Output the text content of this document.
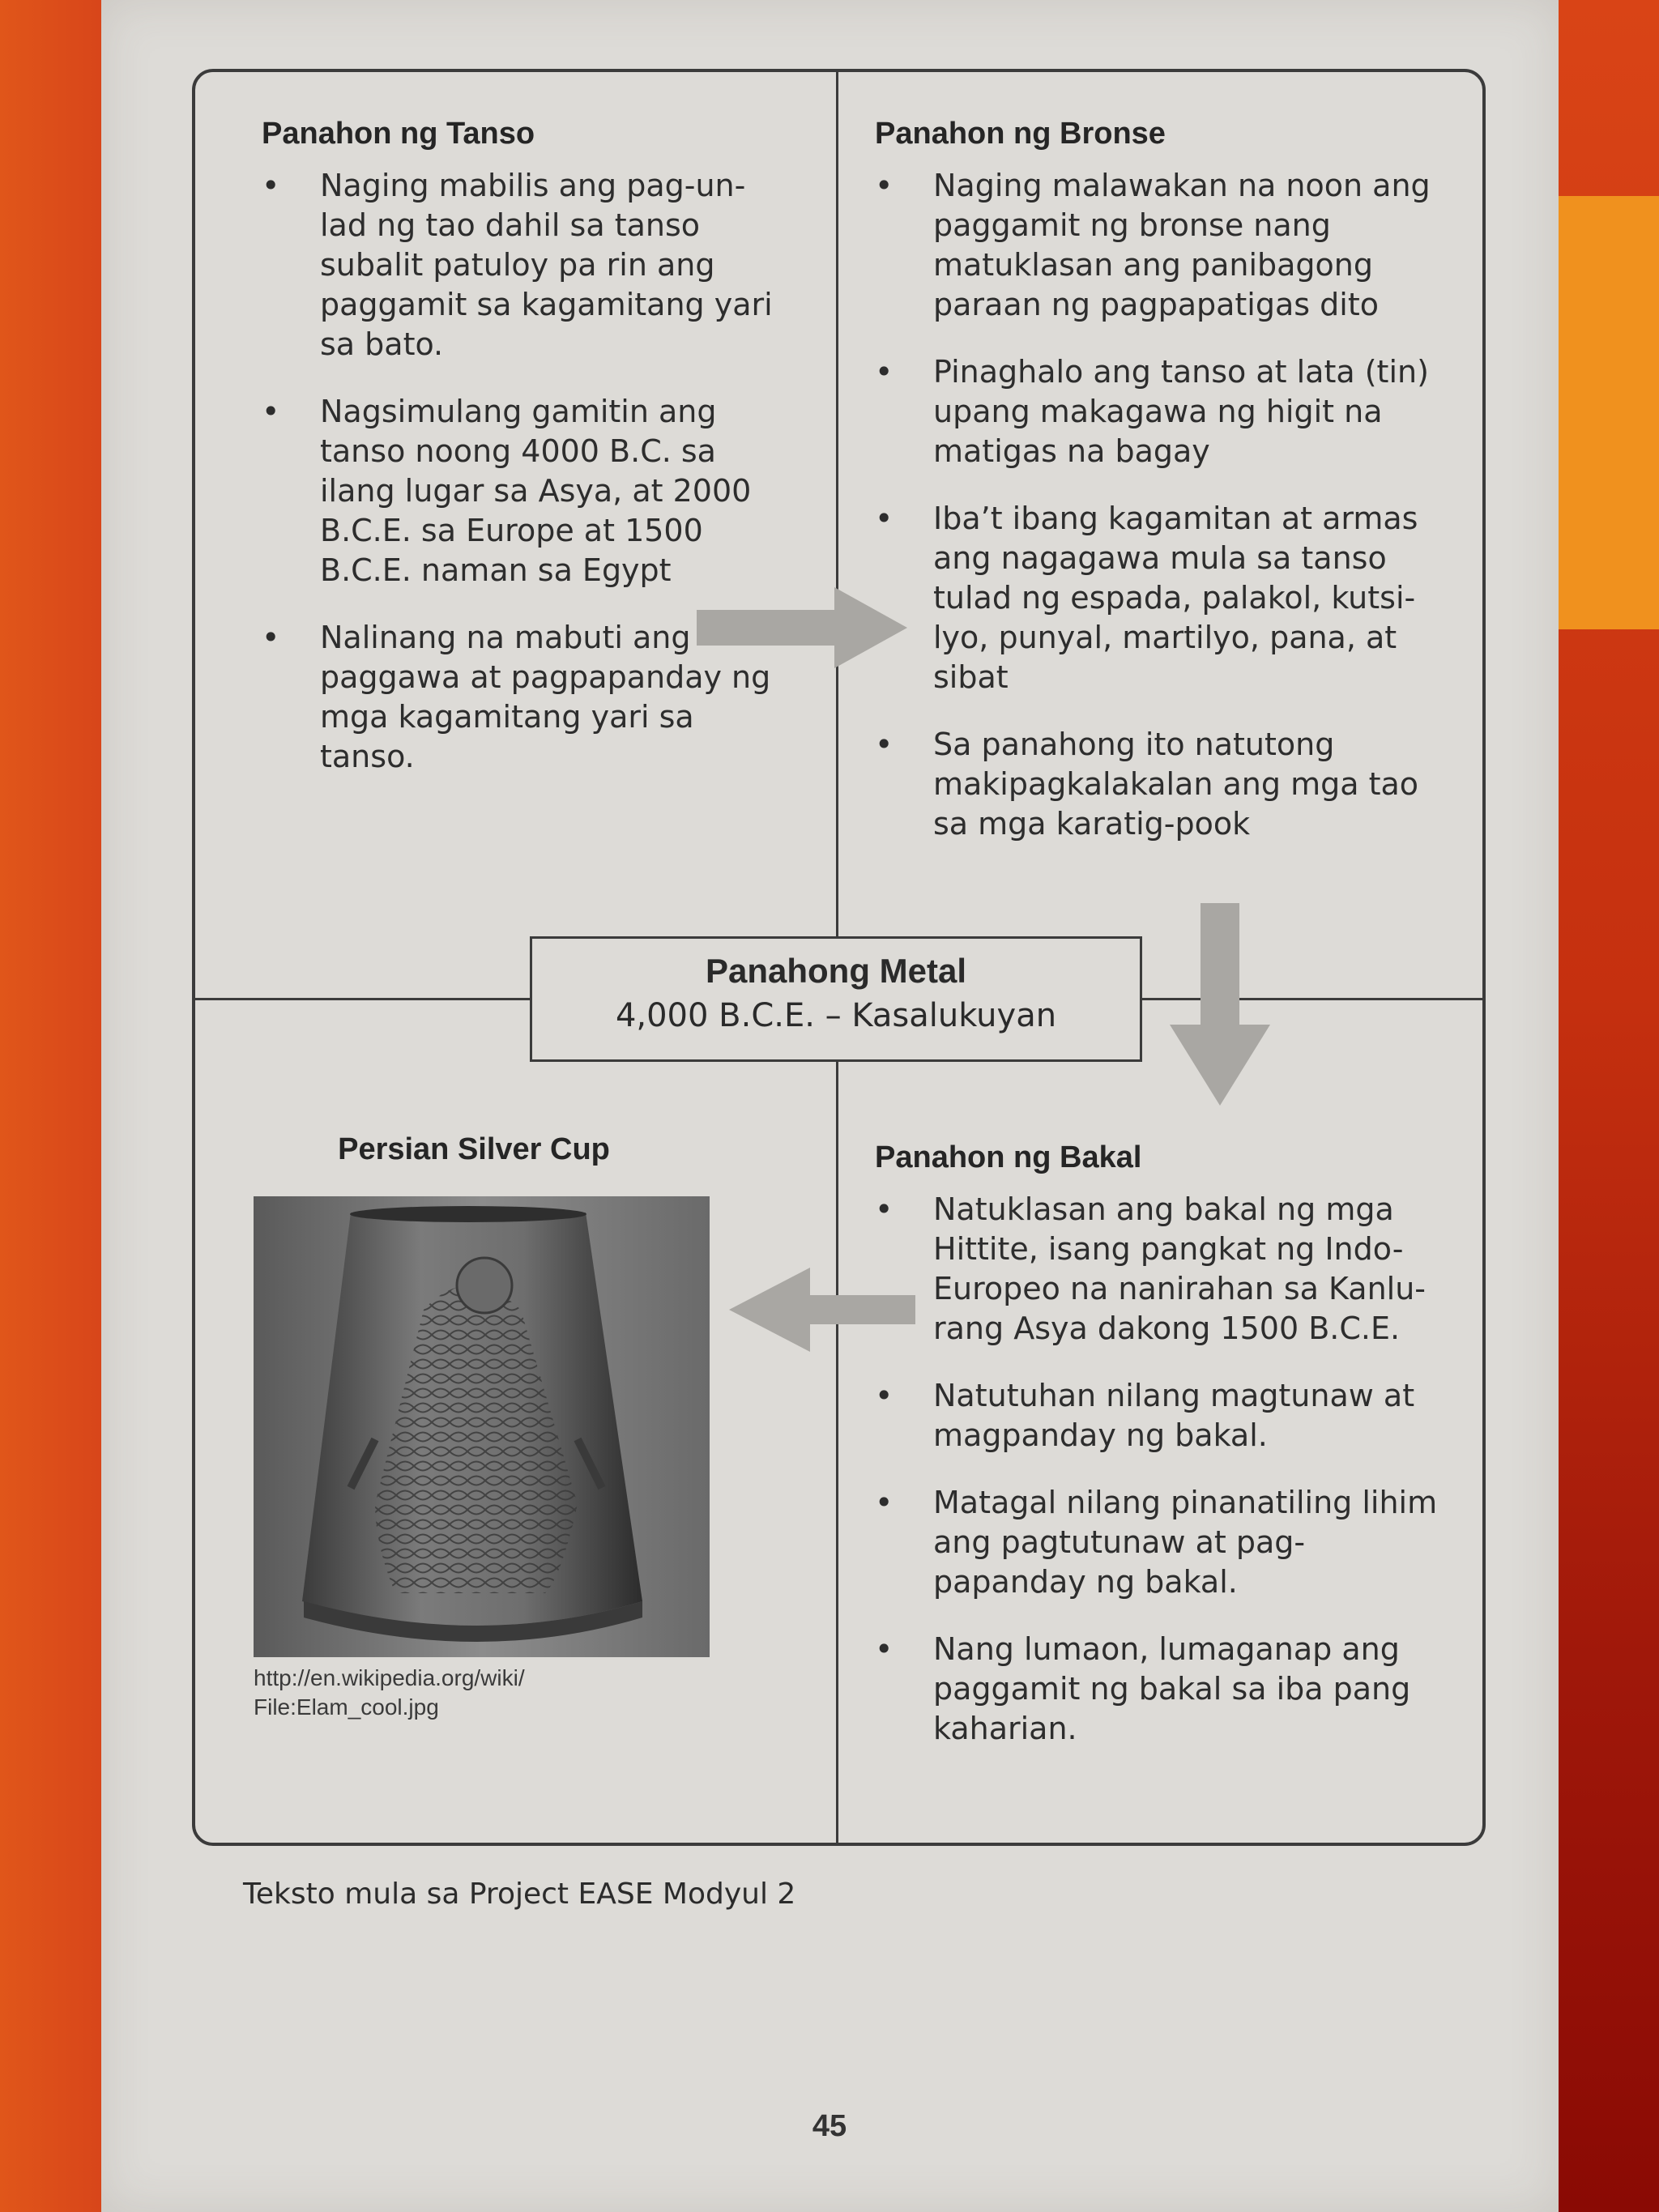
Panahon ng Tanso
• Naging mabilis ang pag-un- lad ng tao dahil sa tanso subalit patuloy pa rin ang paggamit sa kagamitang yari sa bato.
• Nagsimulang gamitin ang tanso noong 4000 B.C. sa ilang lugar sa Asya, at 2000 B.C.E. sa Europe at 1500 B.C.E. naman sa Egypt
• Nalinang na mabuti ang paggawa at pagpapanday ng mga kagamitang yari sa tanso.
Panahon ng Bronse
• Naging malawakan na noon ang paggamit ng bronse nang matuklasan ang panibagong paraan ng pagpapatigas dito
• Pinaghalo ang tanso at lata (tin) upang makagawa ng higit na matigas na bagay
• Iba’t ibang kagamitan at armas ang nagagawa mula sa tanso tulad ng espada, palakol, kutsi- lyo, punyal, martilyo, pana, at sibat
• Sa panahong ito natutong makipagkalakalan ang mga tao sa mga karatig-pook
Panahong Metal
4,000 B.C.E. – Kasalukuyan
Persian Silver Cup
http://en.wikipedia.org/wiki/
File:Elam_cool.jpg
Panahon ng Bakal
• Natuklasan ang bakal ng mga Hittite, isang pangkat ng Indo- Europeo na nanirahan sa Kanlu- rang Asya dakong 1500 B.C.E.
• Natutuhan nilang magtunaw at magpanday ng bakal.
• Matagal nilang pinanatiling lihim ang pagtutunaw at pag- papanday ng bakal.
• Nang lumaon, lumaganap ang paggamit ng bakal sa iba pang kaharian.
Teksto mula sa Project EASE Modyul 2
45
